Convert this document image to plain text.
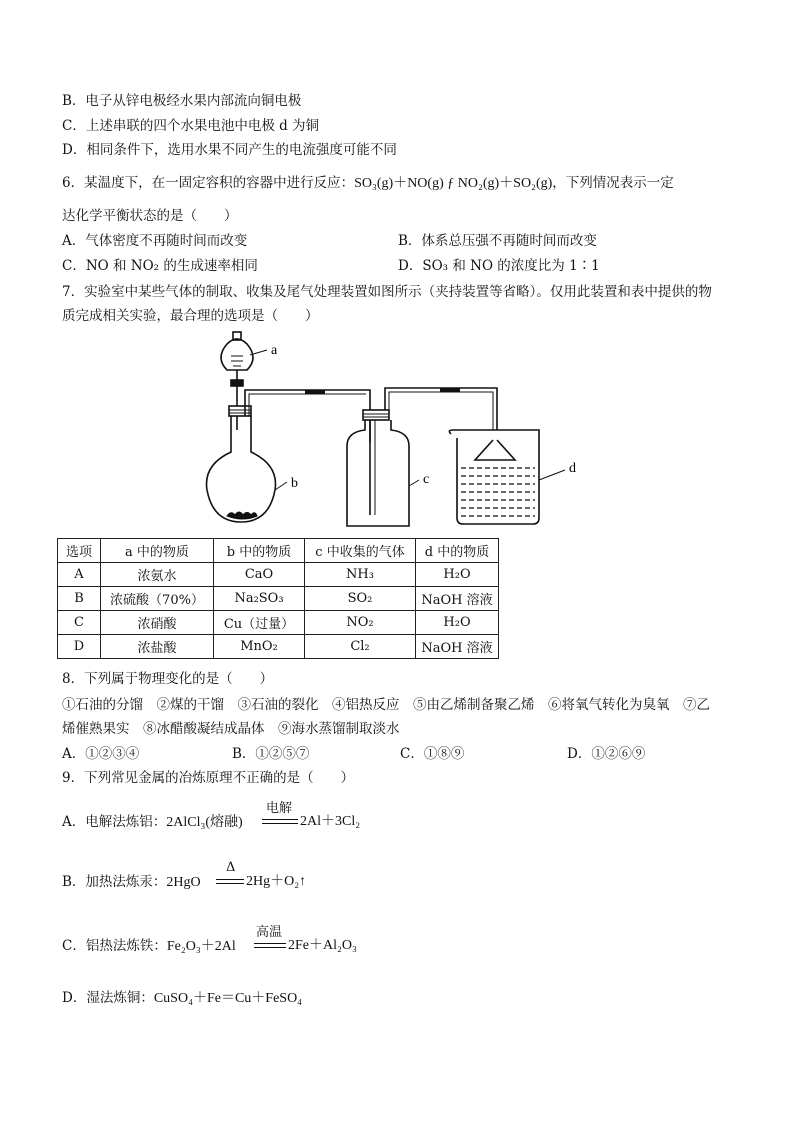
B．电子从锌电极经水果内部流向铜电极
C．上述串联的四个水果电池中电极 d 为铜
D．相同条件下，选用水果不同产生的电流强度可能不同
6．某温度下，在一固定容积的容器中进行反应：SO₃(g)＋NO(g) ƒ NO₂(g)＋SO₂(g)，下列情况表示一定
达化学平衡状态的是（　　）
A．气体密度不再随时间而改变	B．体系总压强不再随时间而改变
C．NO 和 NO₂ 的生成速率相同	D．SO₃ 和 NO 的浓度比为 1∶1
7．实验室中某些气体的制取、收集及尾气处理装置如图所示（夹持装置等省略）。仅用此装置和表中提供的物
质完成相关实验，最合理的选项是（　　）
a
b	c
d
选项	a 中的物质	b 中的物质	c 中收集的气体	d 中的物质
A	浓氨水	CaO	NH₃	H₂O
B	浓硫酸（70%）	Na₂SO₃	SO₂	NaOH 溶液
C	浓硝酸	Cu（过量）	NO₂	H₂O
D	浓盐酸	MnO₂	Cl₂	NaOH 溶液
8．下列属于物理变化的是（　　）
①石油的分馏　②煤的干馏　③石油的裂化　④铝热反应　⑤由乙烯制备聚乙烯　⑥将氧气转化为臭氧　⑦乙
烯催熟果实　⑧冰醋酸凝结成晶体　⑨海水蒸馏制取淡水
A．①②③④	B．①②⑤⑦	C．①⑧⑨	D．①②⑥⑨
9．下列常见金属的冶炼原理不正确的是（　　）
A．电解法炼铝：2AlCl₃(熔融)
电解
2Al＋3Cl₂
B．加热法炼汞：2HgO
Δ
2Hg＋O₂↑
C．铝热法炼铁：Fe₂O₃＋2Al
高温
2Fe＋Al₂O₃
D．湿法炼铜：CuSO₄＋Fe＝Cu＋FeSO₄
